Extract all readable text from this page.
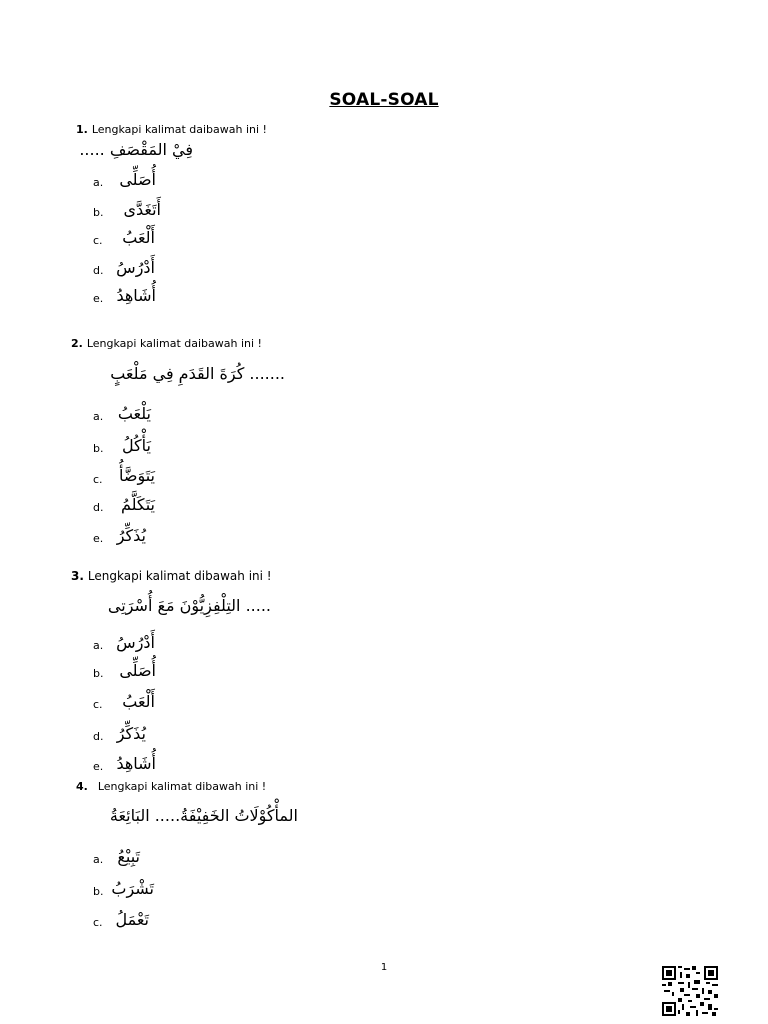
SOAL-SOAL
1. Lengkapi kalimat daibawah ini !
فِيْ المَقْصَفِ .....
a. أُصَلِّى
b. أَتَغَدَّى
c. أَلْعَبُ
d. أَدْرُسُ
e. أُشَاهِدُ
2. Lengkapi kalimat daibawah ini !
....... كُرَةَ القَدَمِ فِي مَلْعَبٍ
a. يَلْعَبُ
b. يَأْكُلُ
c. يَتَوَضَّأُ
d. يَتَكَلَّمُ
e. يُذَكِّرُ
3. Lengkapi kalimat dibawah ini !
..... التِلْفِزِيُّوْنَ مَعَ أُسْرَتِى
a. أَدْرُسُ
b. أُصَلِّى
c. أَلْعَبُ
d. يُذَكِّرُ
e. أُشَاهِدُ
4. Lengkapi kalimat dibawah ini !
المأْكُوْلَاتُ الخَفِيْفَةُ..... البَائِعَةُ
a. تَبِيْعُ
b. تَشْرَبُ
c. تَعْمَلُ
1
